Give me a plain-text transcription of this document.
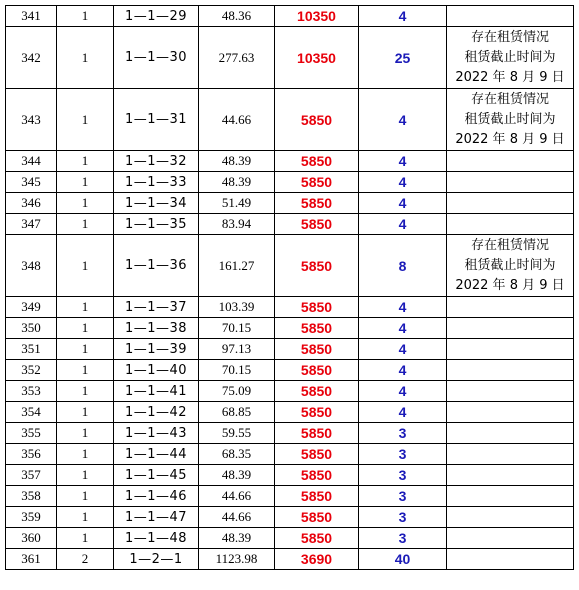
341	1	1—1—29	48.36	10350	4	
342	1	1—1—30	277.63	10350	25	存在租赁情况
租赁截止时间为
2022 年 8 月 9 日
343	1	1—1—31	44.66	5850	4	存在租赁情况
租赁截止时间为
2022 年 8 月 9 日
344	1	1—1—32	48.39	5850	4	
345	1	1—1—33	48.39	5850	4	
346	1	1—1—34	51.49	5850	4	
347	1	1—1—35	83.94	5850	4	
348	1	1—1—36	161.27	5850	8	存在租赁情况
租赁截止时间为
2022 年 8 月 9 日
349	1	1—1—37	103.39	5850	4	
350	1	1—1—38	70.15	5850	4	
351	1	1—1—39	97.13	5850	4	
352	1	1—1—40	70.15	5850	4	
353	1	1—1—41	75.09	5850	4	
354	1	1—1—42	68.85	5850	4	
355	1	1—1—43	59.55	5850	3	
356	1	1—1—44	68.35	5850	3	
357	1	1—1—45	48.39	5850	3	
358	1	1—1—46	44.66	5850	3	
359	1	1—1—47	44.66	5850	3	
360	1	1—1—48	48.39	5850	3	
361	2	1—2—1	1123.98	3690	40	
